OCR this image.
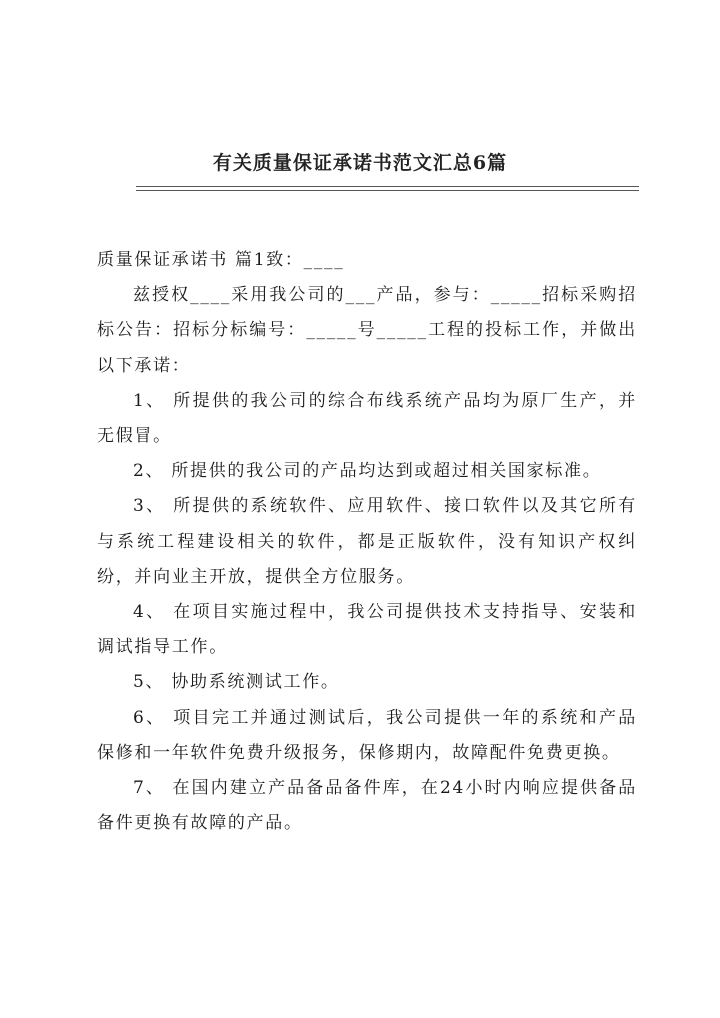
有关质量保证承诺书范文汇总6篇

质量保证承诺书 篇1致：____

兹授权____采用我公司的___产品，参与：_____招标采购招标公告：招标分标编号：_____号_____工程的投标工作，并做出以下承诺：

1、 所提供的我公司的综合布线系统产品均为原厂生产，并无假冒。

2、 所提供的我公司的产品均达到或超过相关国家标准。

3、 所提供的系统软件、应用软件、接口软件以及其它所有与系统工程建设相关的软件，都是正版软件，没有知识产权纠纷，并向业主开放，提供全方位服务。

4、 在项目实施过程中，我公司提供技术支持指导、安装和调试指导工作。

5、 协助系统测试工作。

6、 项目完工并通过测试后，我公司提供一年的系统和产品保修和一年软件免费升级报务，保修期内，故障配件免费更换。

7、 在国内建立产品备品备件库，在24小时内响应提供备品备件更换有故障的产品。
